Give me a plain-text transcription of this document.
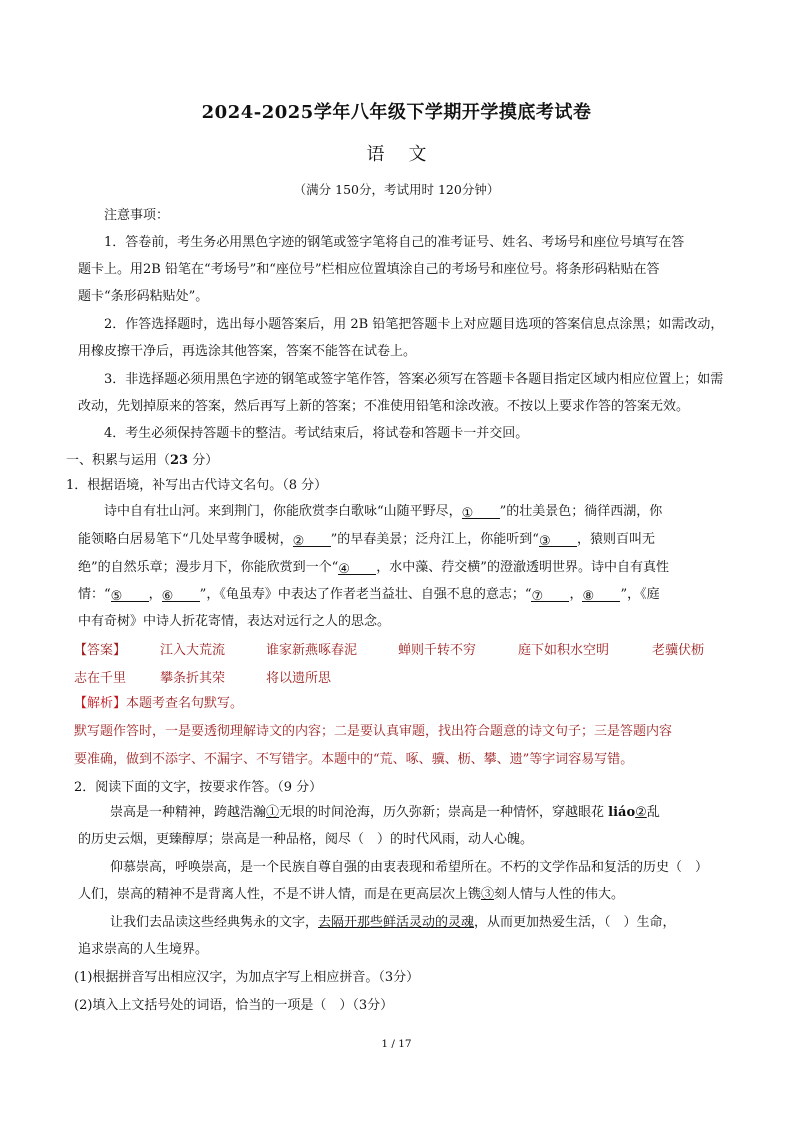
2024-2025学年八年级下学期开学摸底考试卷
语文
（满分 150分，考试用时 120分钟）
注意事项：
1．答卷前，考生务必用黑色字迹的钢笔或签字笔将自己的准考证号、姓名、考场号和座位号填写在答
题卡上。用2B 铅笔在“考场号”和“座位号”栏相应位置填涂自己的考场号和座位号。将条形码粘贴在答
题卡“条形码粘贴处”。
2．作答选择题时，选出每小题答案后，用 2B 铅笔把答题卡上对应题目选项的答案信息点涂黑；如需改动，
用橡皮擦干净后，再选涂其他答案，答案不能答在试卷上。
3．非选择题必须用黑色字迹的钢笔或签字笔作答，答案必须写在答题卡各题目指定区域内相应位置上；如需
改动，先划掉原来的答案，然后再写上新的答案；不准使用铅笔和涂改液。不按以上要求作答的答案无效。
4．考生必须保持答题卡的整洁。考试结束后，将试卷和答题卡一并交回。
一、积累与运用（23 分）
1．根据语境，补写出古代诗文名句。（8 分）
诗中自有壮山河。来到荆门，你能欣赏李白歌咏“山随平野尽，① ”的壮美景色；徜徉西湖，你
能领略白居易笔下“几处早莺争暖树，② ”的早春美景；泛舟江上，你能听到“③ ，猿则百叫无
绝”的自然乐章；漫步月下，你能欣赏到一个“④ ，水中藻、荇交横”的澄澈透明世界。诗中自有真性
情：“⑤ ，⑥ ”，《龟虽寿》中表达了作者老当益壮、自强不息的意志；“⑦ ，⑧ ”，《庭
中有奇树》中诗人折花寄情，表达对远行之人的思念。
【答案】	江入大荒流	谁家新燕啄春泥	蝉则千转不穷	庭下如积水空明	老骥伏枥
志在千里	攀条折其荣	将以遗所思
【解析】本题考查名句默写。
默写题作答时，一是要透彻理解诗文的内容；二是要认真审题，找出符合题意的诗文句子；三是答题内容
要准确，做到不添字、不漏字、不写错字。本题中的“荒、啄、骥、枥、攀、遗”等字词容易写错。
2．阅读下面的文字，按要求作答。（9 分）
崇高是一种精神，跨越浩瀚①无垠的时间沧海，历久弥新；崇高是一种情怀，穿越眼花 liáo②乱
的历史云烟，更臻醇厚；崇高是一种品格，阅尽（　）的时代风雨，动人心魄。
仰慕崇高，呼唤崇高，是一个民族自尊自强的由衷表现和希望所在。不朽的文学作品和复活的历史（　）
人们，崇高的精神不是背离人性，不是不讲人情，而是在更高层次上镌③刻人情与人性的伟大。
让我们去品读这些经典隽永的文字，去隔开那些鲜活灵动的灵魂，从而更加热爱生活，（　）生命，
追求崇高的人生境界。
(1)根据拼音写出相应汉字，为加点字写上相应拼音。（3分）
(2)填入上文括号处的词语，恰当的一项是（　）（3分）
1 / 17
